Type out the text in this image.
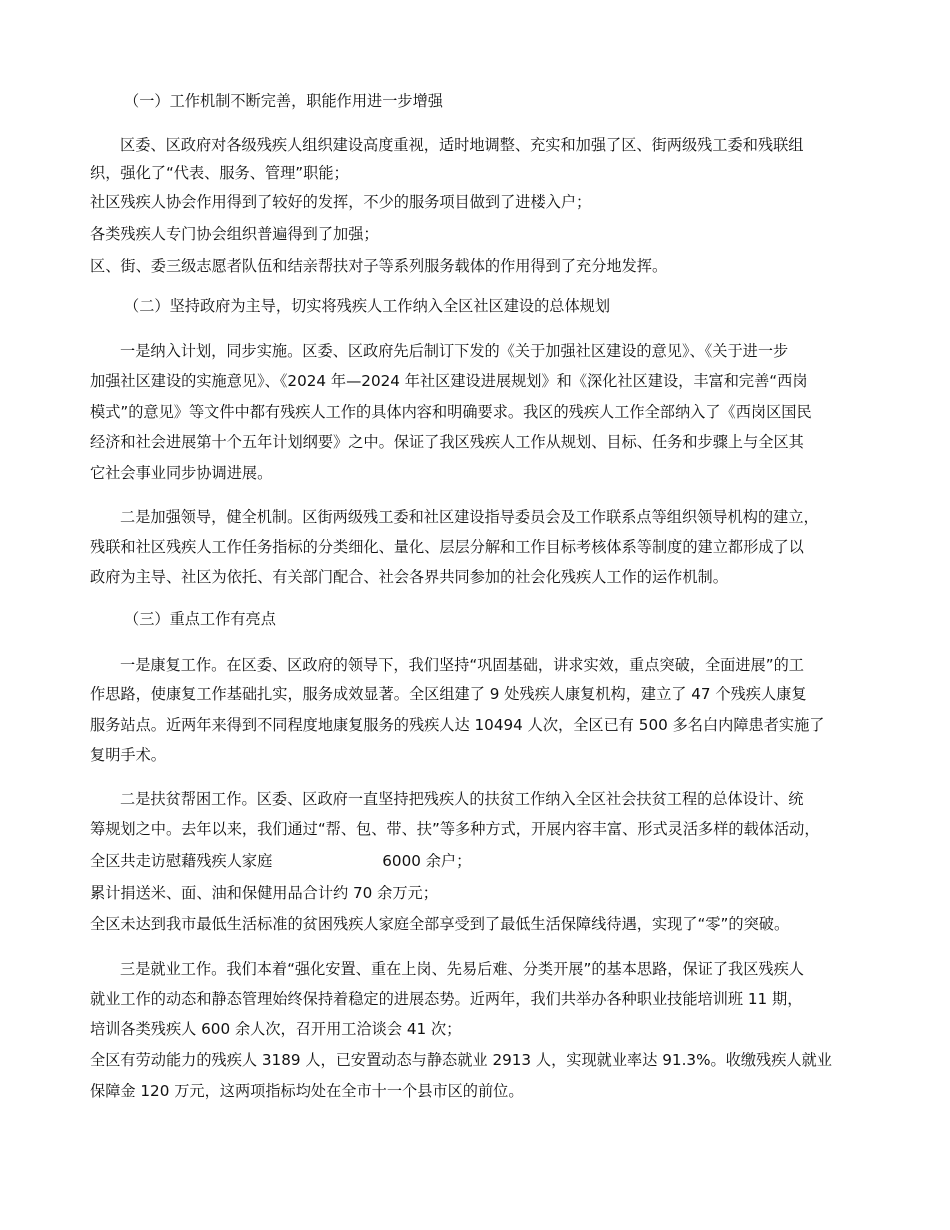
（一）工作机制不断完善，职能作用进一步增强
区委、区政府对各级残疾人组织建设高度重视，适时地调整、充实和加强了区、街两级残工委和残联组
织，强化了“代表、服务、管理”职能；
社区残疾人协会作用得到了较好的发挥，不少的服务项目做到了进楼入户；
各类残疾人专门协会组织普遍得到了加强；
区、街、委三级志愿者队伍和结亲帮扶对子等系列服务载体的作用得到了充分地发挥。
（二）坚持政府为主导，切实将残疾人工作纳入全区社区建设的总体规划
一是纳入计划，同步实施。区委、区政府先后制订下发的《关于加强社区建设的意见》、《关于进一步
加强社区建设的实施意见》、《2024 年—2024 年社区建设进展规划》和《深化社区建设，丰富和完善“西岗
模式”的意见》等文件中都有残疾人工作的具体内容和明确要求。我区的残疾人工作全部纳入了《西岗区国民
经济和社会进展第十个五年计划纲要》之中。保证了我区残疾人工作从规划、目标、任务和步骤上与全区其
它社会事业同步协调进展。
二是加强领导，健全机制。区街两级残工委和社区建设指导委员会及工作联系点等组织领导机构的建立，
残联和社区残疾人工作任务指标的分类细化、量化、层层分解和工作目标考核体系等制度的建立都形成了以
政府为主导、社区为依托、有关部门配合、社会各界共同参加的社会化残疾人工作的运作机制。
（三）重点工作有亮点
一是康复工作。在区委、区政府的领导下，我们坚持“巩固基础，讲求实效，重点突破，全面进展”的工
作思路，使康复工作基础扎实，服务成效显著。全区组建了 9 处残疾人康复机构，建立了 47 个残疾人康复
服务站点。近两年来得到不同程度地康复服务的残疾人达 10494 人次，全区已有 500 多名白内障患者实施了
复明手术。
二是扶贫帮困工作。区委、区政府一直坚持把残疾人的扶贫工作纳入全区社会扶贫工程的总体设计、统
筹规划之中。去年以来，我们通过“帮、包、带、扶”等多种方式，开展内容丰富、形式灵活多样的载体活动，
全区共走访慰藉残疾人家庭	6000 余户；
累计捐送米、面、油和保健用品合计约 70 余万元；
全区未达到我市最低生活标准的贫困残疾人家庭全部享受到了最低生活保障线待遇，实现了“零”的突破。
三是就业工作。我们本着“强化安置、重在上岗、先易后难、分类开展”的基本思路，保证了我区残疾人
就业工作的动态和静态管理始终保持着稳定的进展态势。近两年，我们共举办各种职业技能培训班 11 期，
培训各类残疾人 600 余人次，召开用工洽谈会 41 次；
全区有劳动能力的残疾人 3189 人，已安置动态与静态就业 2913 人，实现就业率达 91.3%。收缴残疾人就业
保障金 120 万元，这两项指标均处在全市十一个县市区的前位。
